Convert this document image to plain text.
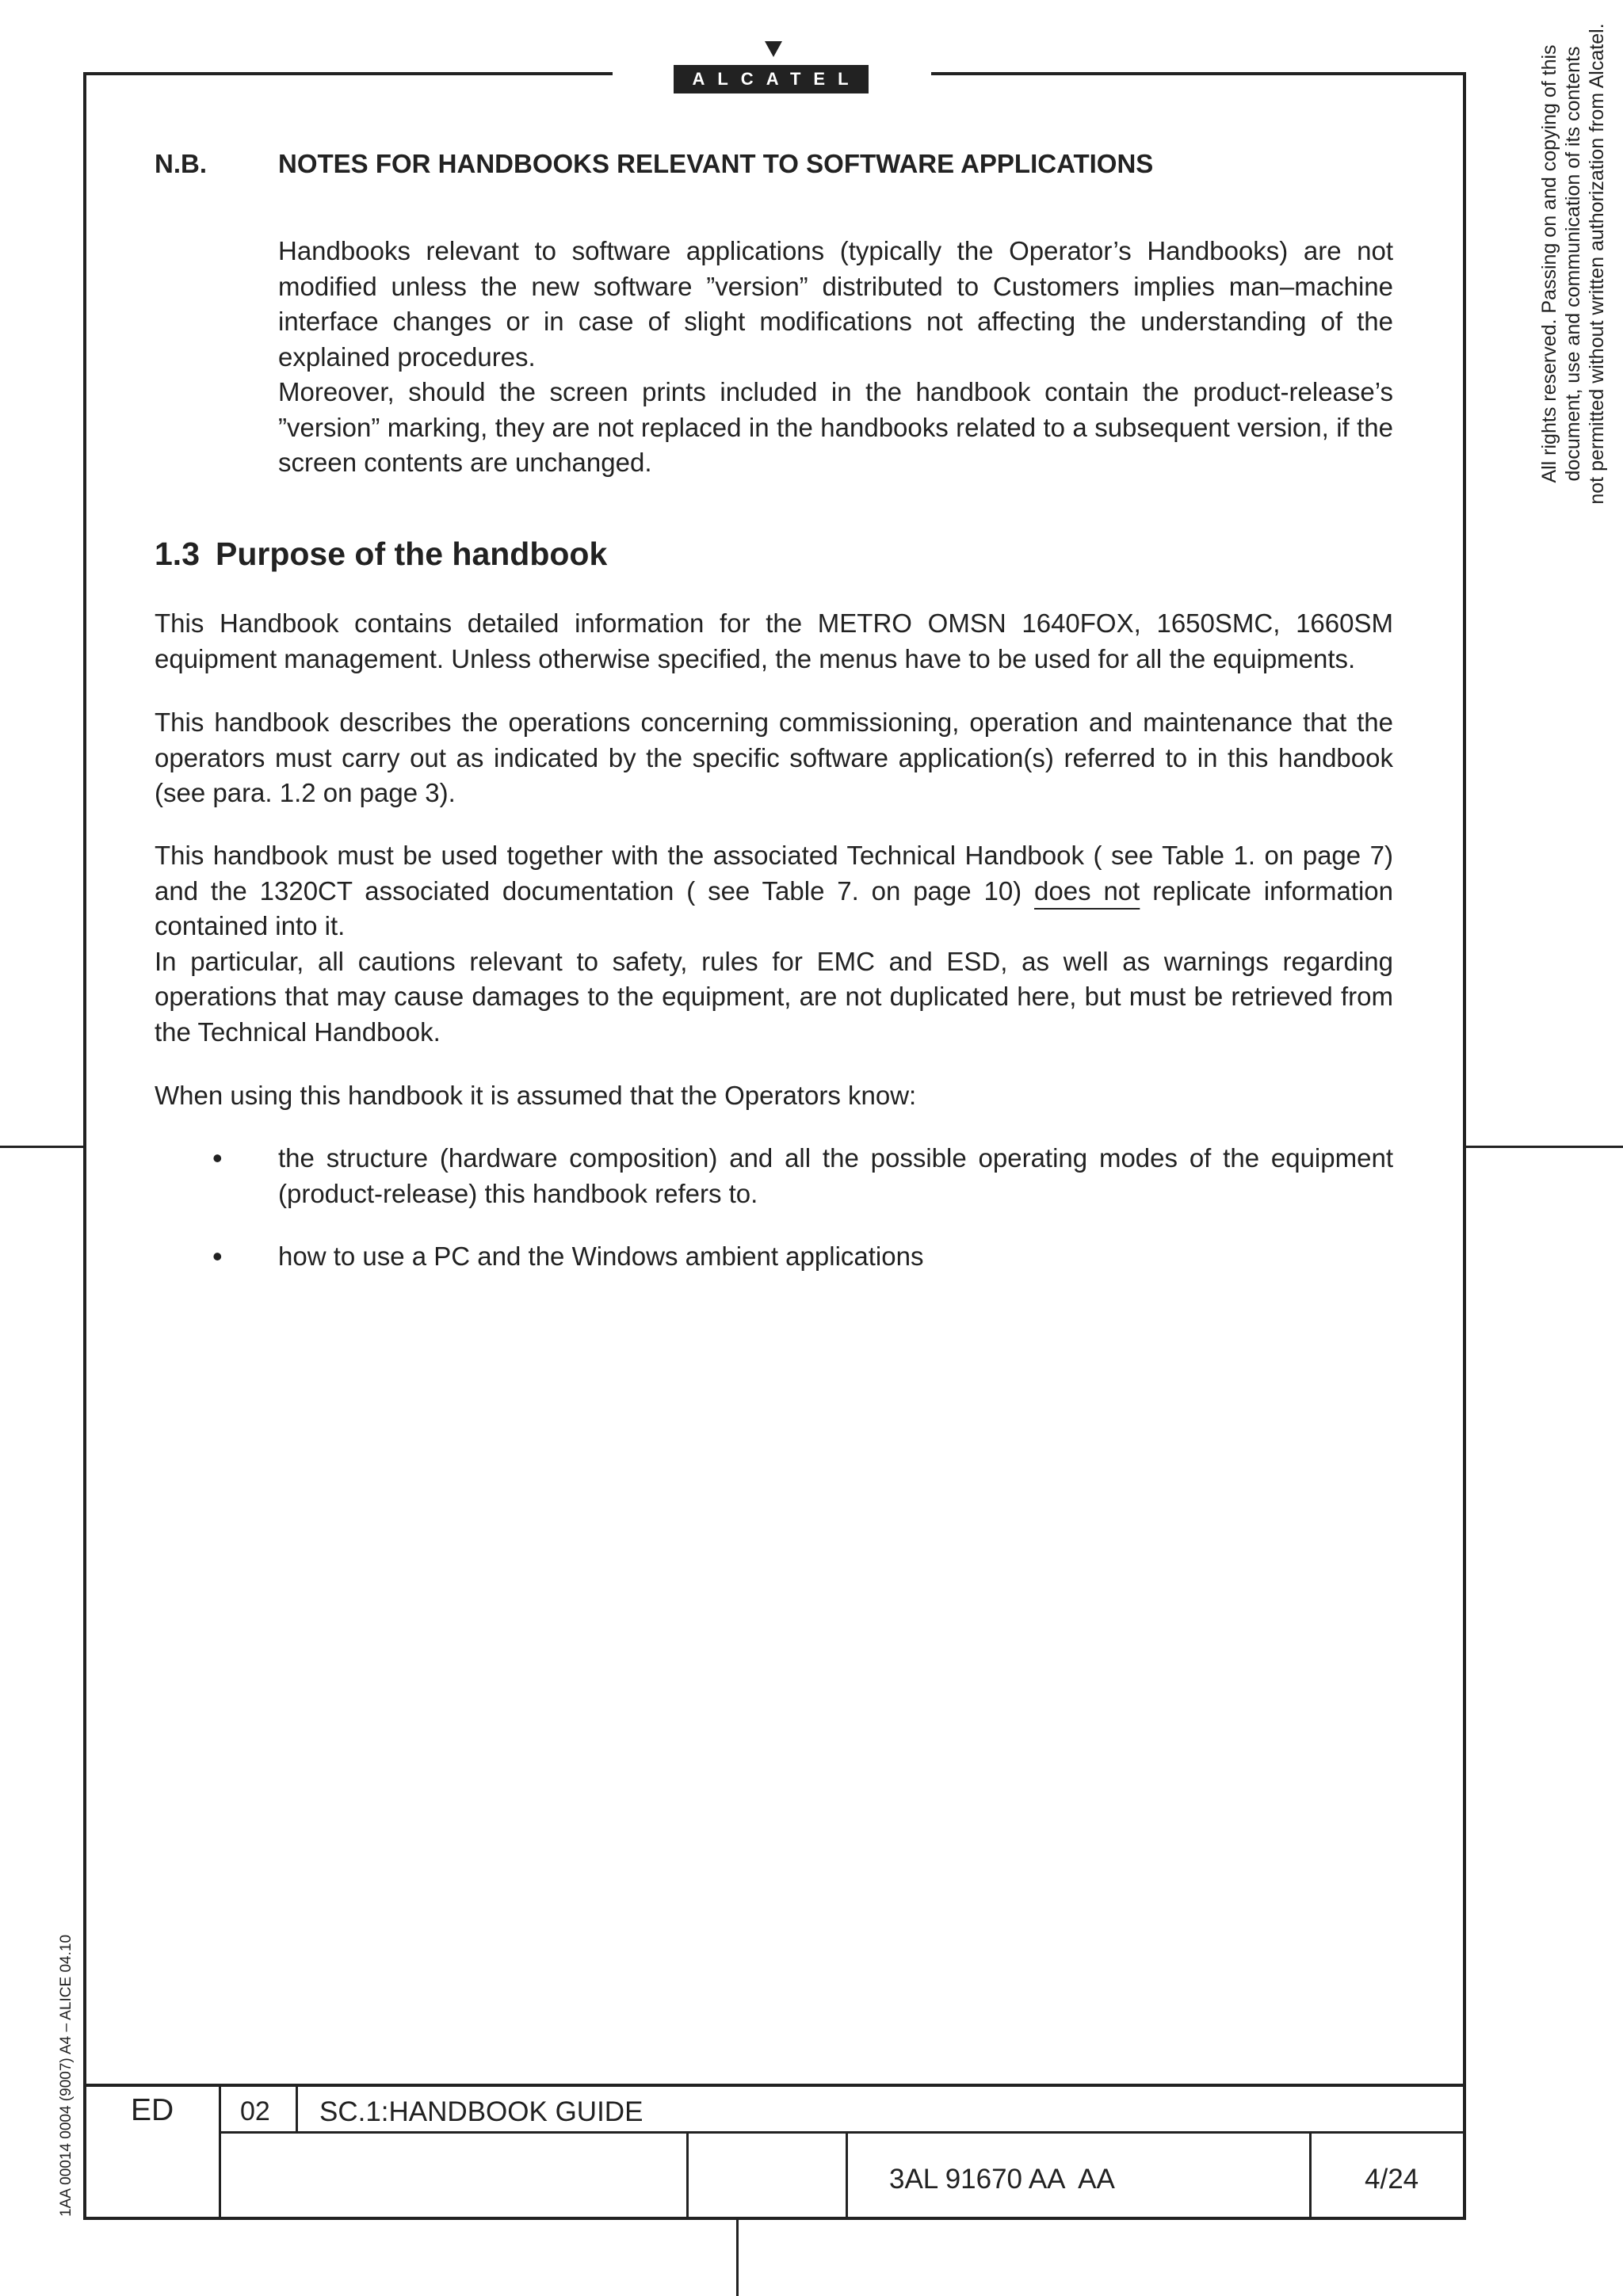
ALCATEL
N.B.	NOTES FOR HANDBOOKS RELEVANT TO SOFTWARE APPLICATIONS

Handbooks relevant to software applications (typically the Operator’s Handbooks) are not modified unless the new software ”version” distributed to Customers implies man–machine interface changes or in case of slight modifications not affecting the understanding of the explained procedures.

Moreover, should the screen prints included in the handbook contain the product-release’s ”version” marking, they are not replaced in the handbooks related to a subsequent version, if the screen contents are unchanged.

1.3 Purpose of the handbook

This Handbook contains detailed information for the METRO OMSN 1640FOX, 1650SMC, 1660SM equipment management. Unless otherwise specified, the menus have to be used for all the equipments.

This handbook describes the operations concerning commissioning, operation and maintenance that the operators must carry out as indicated by the specific software application(s) referred to in this handbook (see para. 1.2 on page 3).

This handbook must be used together with the associated Technical Handbook ( see Table 1. on page 7) and the 1320CT associated documentation ( see Table 7. on page 10) does not replicate information contained into it.

In particular, all cautions relevant to safety, rules for EMC and ESD, as well as warnings regarding operations that may cause damages to the equipment, are not duplicated here, but must be retrieved from the Technical Handbook.

When using this handbook it is assumed that the Operators know:

• the structure (hardware composition) and all the possible operating modes of the equipment (product-release) this handbook refers to.

• how to use a PC and the Windows ambient applications

All rights reserved. Passing on and copying of this document, use and communication of its contents not permitted without written authorization from Alcatel.
1AA 00014 0004 (9007) A4 – ALICE 04.10 ED 02 SC.1:HANDBOOK GUIDE
3AL 91670 AA  AA	4/24
